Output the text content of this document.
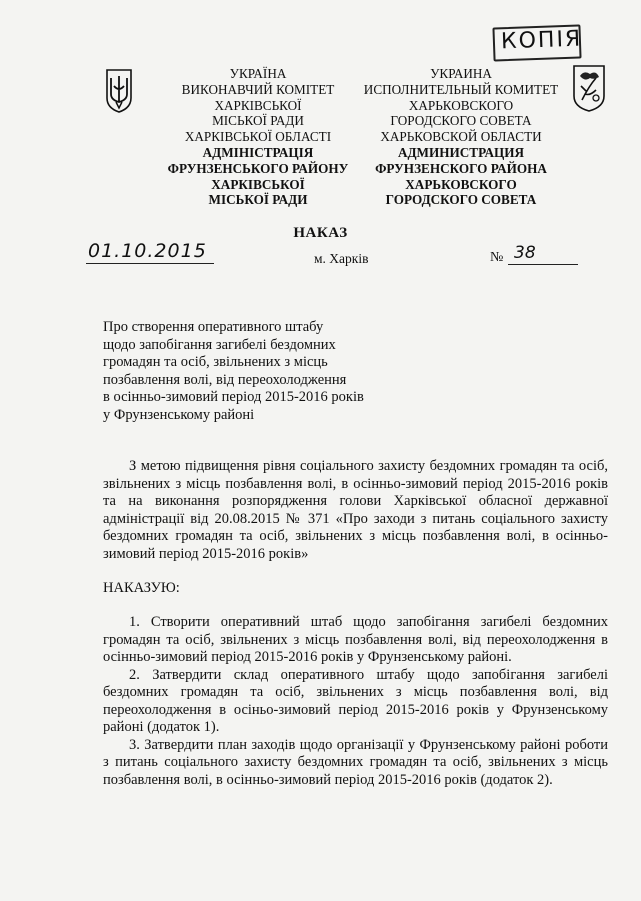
КОПІЯ
УКРАЇНА
ВИКОНАВЧИЙ КОМІТЕТ
ХАРКІВСЬКОЇ
МІСЬКОЇ РАДИ
ХАРКІВСЬКОЇ ОБЛАСТІ
АДМІНІСТРАЦІЯ
ФРУНЗЕНСЬКОГО РАЙОНУ
ХАРКІВСЬКОЇ
МІСЬКОЇ РАДИ
УКРАИНА
ИСПОЛНИТЕЛЬНЫЙ КОМИТЕТ
ХАРЬКОВСКОГО
ГОРОДСКОГО СОВЕТА
ХАРЬКОВСКОЙ ОБЛАСТИ
АДМИНИСТРАЦИЯ
ФРУНЗЕНСКОГО РАЙОНА
ХАРЬКОВСКОГО
ГОРОДСКОГО СОВЕТА
НАКАЗ
01.10.2015	м. Харків	№ 38
Про створення оперативного штабу
щодо запобігання загибелі бездомних
громадян та осіб, звільнених з місць
позбавлення волі, від переохолодження
в осінньо-зимовий період 2015-2016 років
у Фрунзенському районі
З метою підвищення рівня соціального захисту бездомних громадян та осіб, звільнених з місць позбавлення волі, в осінньо-зимовий період 2015-2016 років та на виконання розпорядження голови Харківської обласної державної адміністрації від 20.08.2015 № 371 «Про заходи з питань соціального захисту бездомних громадян та осіб, звільнених з місць позбавлення волі, в осінньо-зимовий період 2015-2016 років»
НАКАЗУЮ:

1. Створити оперативний штаб щодо запобігання загибелі бездомних громадян та осіб, звільнених з місць позбавлення волі, від переохолодження в осінньо-зимовий період 2015-2016 років у Фрунзенському районі.

2. Затвердити склад оперативного штабу щодо запобігання загибелі бездомних громадян та осіб, звільнених з місць позбавлення волі, від переохолодження в осіньо-зимовий період 2015-2016 років у Фрунзенському районі (додаток 1).

3. Затвердити план заходів щодо організації у Фрунзенському районі роботи з питань соціального захисту бездомних громадян та осіб, звільнених з місць позбавлення волі, в осінньо-зимовий період 2015-2016 років (додаток 2).
